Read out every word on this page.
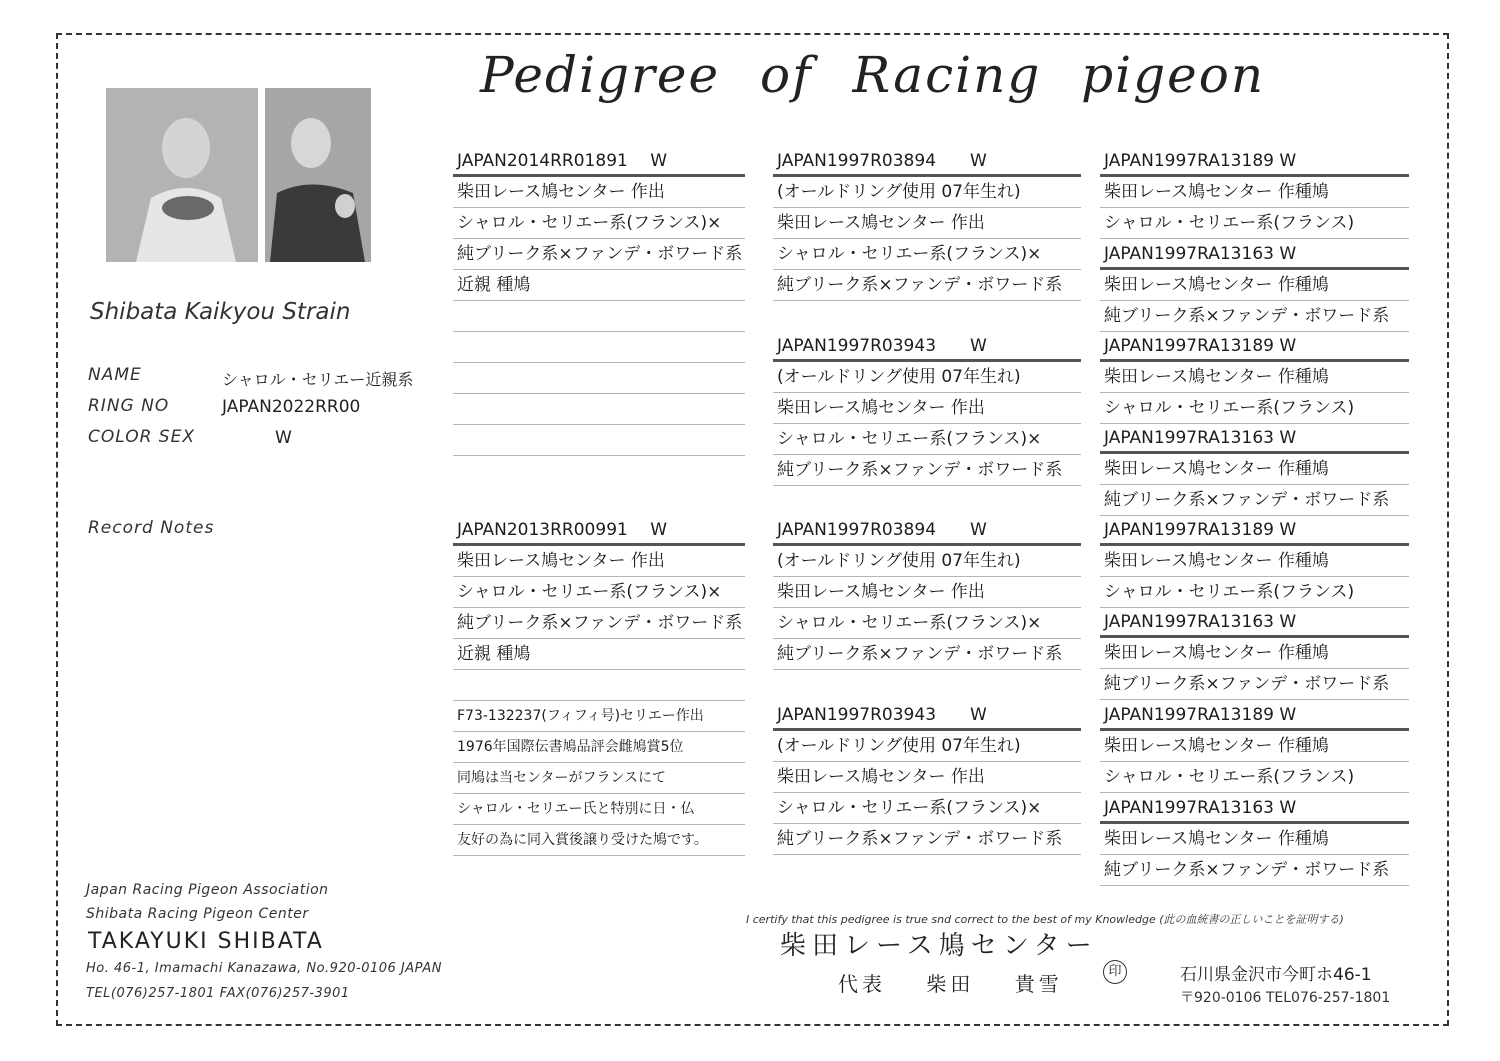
Pedigree of Racing pigeon
Shibata Kaikyou Strain
NAME	シャロル・セリエー近親系
RING NO	JAPAN2022RR00
COLOR SEX	W
Record Notes
JAPAN2014RR01891　 W
柴田レース鳩センター 作出
シャロル・セリエー系(フランス)×
純ブリーク系×ファンデ・ボワード系
近親 種鳩
JAPAN2013RR00991　 W
柴田レース鳩センター 作出
シャロル・セリエー系(フランス)×
純ブリーク系×ファンデ・ボワード系
近親 種鳩
F73-132237(フィフィ号)セリエー作出
1976年国際伝書鳩品評会雌鳩賞5位
同鳩は当センターがフランスにて
シャロル・セリエー氏と特別に日・仏
友好の為に同入賞後譲り受けた鳩です。
JAPAN1997R03894　　W
(オールドリング使用 07年生れ)
柴田レース鳩センター 作出
シャロル・セリエー系(フランス)×
純ブリーク系×ファンデ・ボワード系
JAPAN1997R03943　　W
(オールドリング使用 07年生れ)
柴田レース鳩センター 作出
シャロル・セリエー系(フランス)×
純ブリーク系×ファンデ・ボワード系
JAPAN1997R03894　　W
(オールドリング使用 07年生れ)
柴田レース鳩センター 作出
シャロル・セリエー系(フランス)×
純ブリーク系×ファンデ・ボワード系
JAPAN1997R03943　　W
(オールドリング使用 07年生れ)
柴田レース鳩センター 作出
シャロル・セリエー系(フランス)×
純ブリーク系×ファンデ・ボワード系
JAPAN1997RA13189 W
柴田レース鳩センター 作種鳩
シャロル・セリエー系(フランス)
JAPAN1997RA13163 W
柴田レース鳩センター 作種鳩
純ブリーク系×ファンデ・ボワード系
JAPAN1997RA13189 W
柴田レース鳩センター 作種鳩
シャロル・セリエー系(フランス)
JAPAN1997RA13163 W
柴田レース鳩センター 作種鳩
純ブリーク系×ファンデ・ボワード系
JAPAN1997RA13189 W
柴田レース鳩センター 作種鳩
シャロル・セリエー系(フランス)
JAPAN1997RA13163 W
柴田レース鳩センター 作種鳩
純ブリーク系×ファンデ・ボワード系
JAPAN1997RA13189 W
柴田レース鳩センター 作種鳩
シャロル・セリエー系(フランス)
JAPAN1997RA13163 W
柴田レース鳩センター 作種鳩
純ブリーク系×ファンデ・ボワード系
Japan Racing Pigeon Association
Shibata Racing Pigeon Center
TAKAYUKI SHIBATA
Ho. 46-1, Imamachi Kanazawa, No.920-0106 JAPAN
TEL(076)257-1801 FAX(076)257-3901
I certify that this pedigree is true snd correct to the best of my Knowledge (此の血統書の正しいことを証明する)
柴田レース鳩センター
代表 柴田 貴雪
印	石川県金沢市今町ホ46-1
〒920-0106 TEL076-257-1801
